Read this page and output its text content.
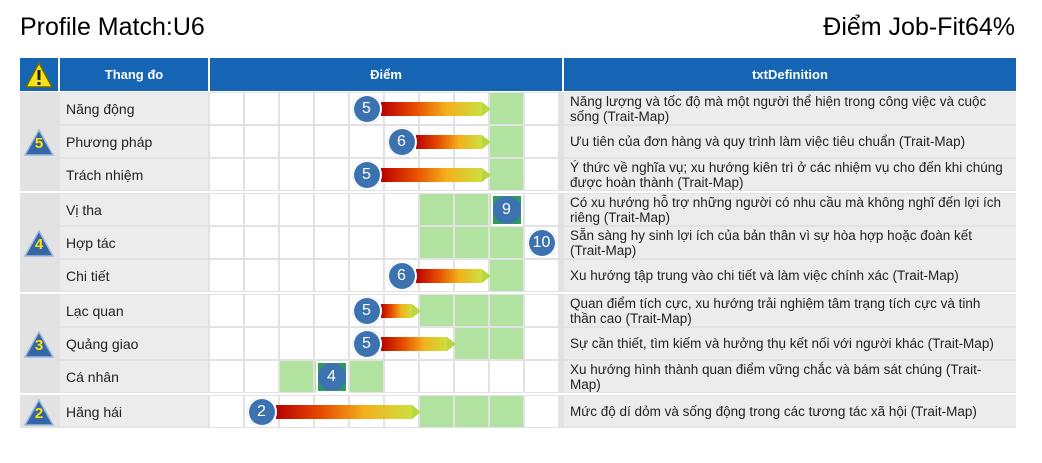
Profile Match:U6	Điểm Job-Fit64%
Thang đo	Điểm	txtDefinition
5
Năng động	5	Năng lượng và tốc độ mà một người thể hiện trong công việc và cuộc sống (Trait-Map)
Phương pháp	6	Ưu tiên của đơn hàng và quy trình làm việc tiêu chuẩn (Trait-Map)
Trách nhiệm	5	Ý thức về nghĩa vụ; xu hướng kiên trì ở các nhiệm vụ cho đến khi chúng được hoàn thành (Trait-Map)
4
Vị tha	9	Có xu hướng hỗ trợ những người có nhu cầu mà không nghĩ đến lợi ích riêng (Trait-Map)
Hợp tác	10	Sẵn sàng hy sinh lợi ích của bản thân vì sự hòa hợp hoặc đoàn kết (Trait-Map)
Chi tiết	6	Xu hướng tập trung vào chi tiết và làm việc chính xác (Trait-Map)
3
Lạc quan	5	Quan điểm tích cực, xu hướng trải nghiệm tâm trạng tích cực và tinh thần cao (Trait-Map)
Quảng giao	5	Sự cần thiết, tìm kiếm và hưởng thụ kết nối với người khác (Trait-Map)
Cá nhân	4	Xu hướng hình thành quan điểm vững chắc và bám sát chúng (Trait-Map)
2	Hăng hái	2	Mức độ dí dỏm và sống động trong các tương tác xã hội (Trait-Map)
